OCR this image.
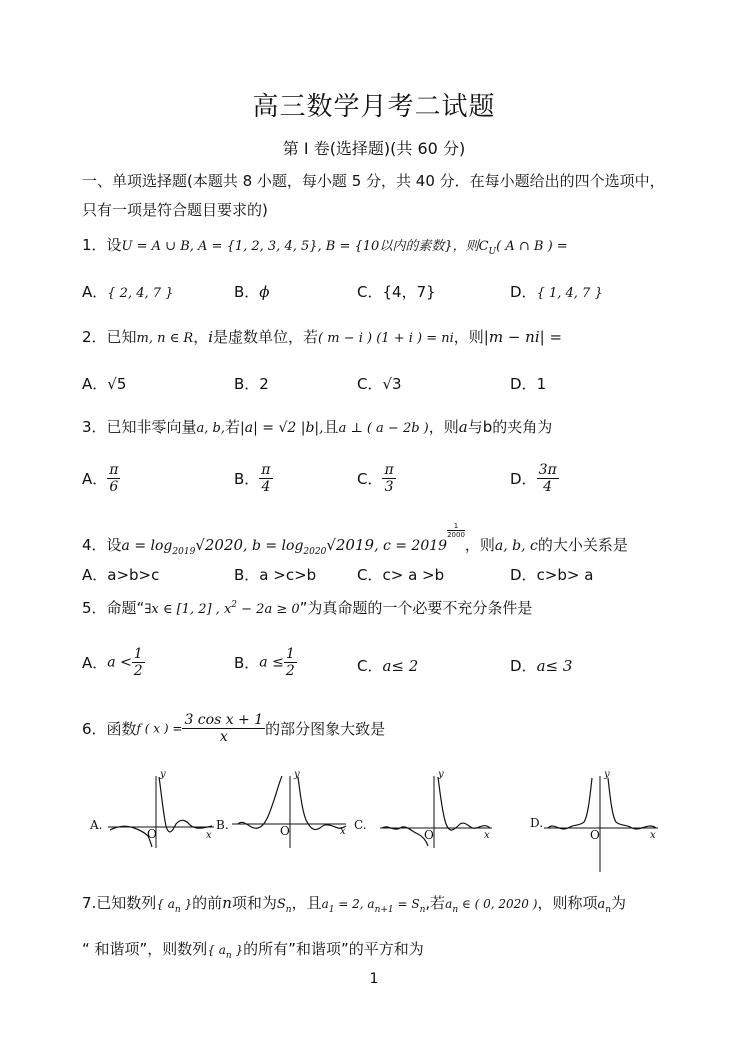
高三数学月考二试题
第 I 卷(选择题)(共 60 分)
一、单项选择题(本题共 8 小题，每小题 5 分，共 40 分．在每小题给出的四个选项中，
只有一项是符合题目要求的)
1．设U = A ∪ B, A = {1, 2, 3, 4, 5}, B = {10以内的素数}，则$C_U$( A ∩ B ) =
A．{ 2, 4, 7 }	B．ϕ	C．{4，7}	D．{ 1, 4, 7 }
2．已知m, n ∈ R，i是虚数单位，若( m − i ) (1 + i ) = ni，则|m − ni| =
A．√5	B．2	C．√3	D．1
3．已知非零向量a, b,若|a| = √2 |b|,且a ⊥ ( a − 2b )，则a与b的夹角为
A． $\frac{\pi}{6}$	B． $\frac{\pi}{4}$	C． $\frac{\pi}{3}$	D． $\frac{3\pi}{4}$
4．设$a = \log_{2019}√2020$, $b = \log_{2020}√2019$, c = 2019
$\frac{1}{2000}$
，则a, b, c的大小关系是
A．a>b>c	B．a >c>b	C．c> a >b	D．c>b> a
5．命题“∃x ∈ [1, 2] , $x^2 - 2a \ge 0$”为真命题的一个必要不充分条件是
A．$a < \frac{1}{2}$	B．$a \le \frac{1}{2}$	C．a≤ 2	D．a≤ 3
6．函数f ( x ) = $\frac{\text{3 cos x + 1}}{x}$ 的部分图象大致是
A.
O	x
y
B.	O	x
y
C.
O	x
y
D.
O	x
y
7.已知数列{ $a_n$ }的前n项和为$S_n$，且$a_1 = 2$, $a_{n+1} = S_n$,若$a_n$ ∈ ( 0, 2020 )，则称项$a_n$为
“ 和谐项”，则数列{ $a_n$ }的所有”和谐项”的平方和为
1
